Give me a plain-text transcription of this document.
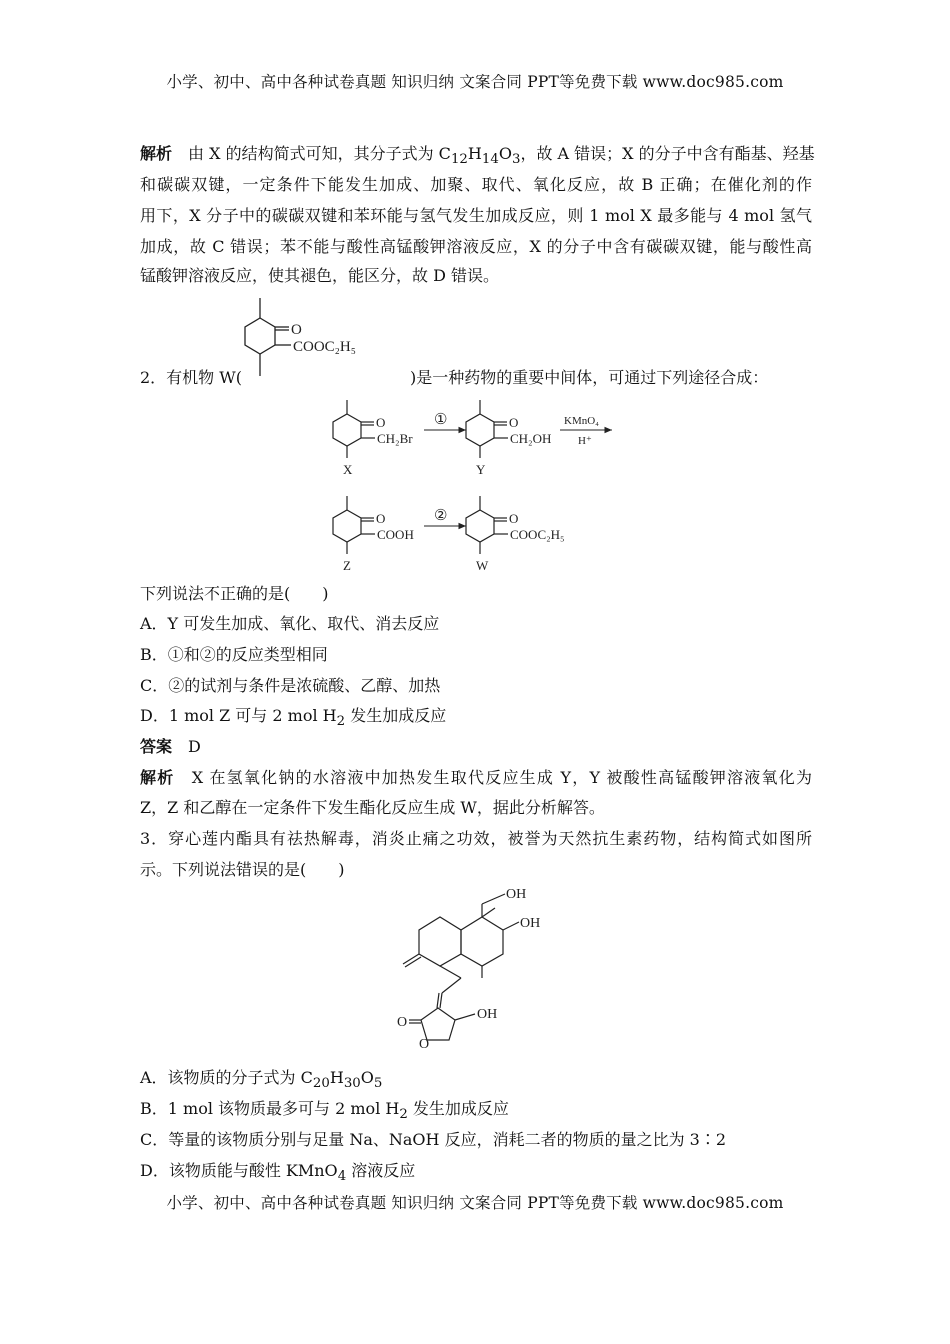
小学、初中、高中各种试卷真题 知识归纳 文案合同 PPT等免费下载 www.doc985.com
解析　 由 X 的结构简式可知，其分子式为 $C_{12}H_{14}O_3$，故 A 错误；X 的分子中含有酯基、羟基
和碳碳双键，一定条件下能发生加成、加聚、取代、氧化反应，故 B 正确；在催化剂的作
用下，X 分子中的碳碳双键和苯环能与氢气发生加成反应，则 1 mol X 最多能与 4 mol 氢气
加成，故 C 错误；苯不能与酸性高锰酸钾溶液反应，X 的分子中含有碳碳双键，能与酸性高
锰酸钾溶液反应，使其褪色，能区分，故 D 错误。
O
COOC₂H₅
2．有机物 W(	)是一种药物的重要中间体，可通过下列途径合成：
O
CH₂Br
X
①	O
CH₂OH
Y
KMnO₄
H⁺
O
COOH
Z
②	O
COOC₂H₅
W
下列说法不正确的是(　　)
A．Y 可发生加成、氧化、取代、消去反应
B．①和②的反应类型相同
C．②的试剂与条件是浓硫酸、乙醇、加热
D．1 mol Z 可与 2 mol $H_2$ 发生加成反应
答案　 D
解析　 X 在氢氧化钠的水溶液中加热发生取代反应生成 Y，Y 被酸性高锰酸钾溶液氧化为
Z，Z 和乙醇在一定条件下发生酯化反应生成 W，据此分析解答。
3．穿心莲内酯具有祛热解毒，消炎止痛之功效，被誉为天然抗生素药物，结构简式如图所
示。下列说法错误的是(　　)
OH
OH
OH
O
O
A．该物质的分子式为 $C_{20}H_{30}O_5$
B．1 mol 该物质最多可与 2 mol $H_2$ 发生加成反应
C．等量的该物质分别与足量 Na、NaOH 反应，消耗二者的物质的量之比为 3∶2
D．该物质能与酸性 KMnO$_4$ 溶液反应
小学、初中、高中各种试卷真题 知识归纳 文案合同 PPT等免费下载 www.doc985.com
